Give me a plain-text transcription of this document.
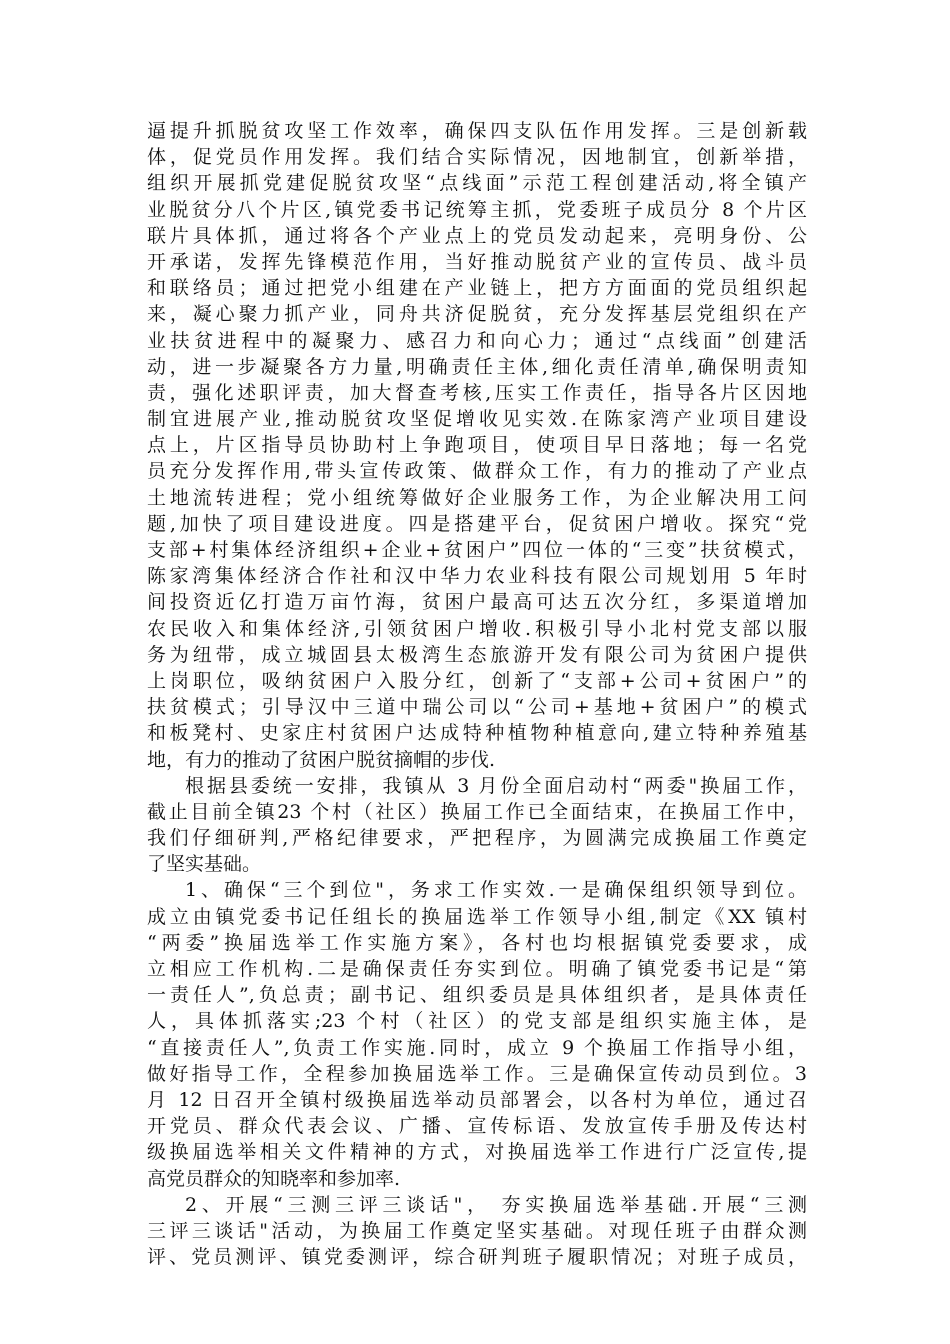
逼提升抓脱贫攻坚工作效率，确保四支队伍作用发挥。三是创新载
体，促党员作用发挥。我们结合实际情况，因地制宜，创新举措，
组织开展抓党建促脱贫攻坚“点线面”示范工程创建活动,将全镇产
业脱贫分八个片区,镇党委书记统筹主抓，党委班子成员分 8 个片区
联片具体抓，通过将各个产业点上的党员发动起来，亮明身份、公
开承诺，发挥先锋模范作用，当好推动脱贫产业的宣传员、战斗员
和联络员；通过把党小组建在产业链上，把方方面面的党员组织起
来，凝心聚力抓产业，同舟共济促脱贫，充分发挥基层党组织在产
业扶贫进程中的凝聚力、感召力和向心力；通过“点线面”创建活
动，进一步凝聚各方力量,明确责任主体,细化责任清单,确保明责知
责，强化述职评责，加大督查考核,压实工作责任，指导各片区因地
制宜进展产业,推动脱贫攻坚促增收见实效.在陈家湾产业项目建设
点上，片区指导员协助村上争跑项目，使项目早日落地；每一名党
员充分发挥作用,带头宣传政策、做群众工作，有力的推动了产业点
土地流转进程；党小组统筹做好企业服务工作，为企业解决用工问
题,加快了项目建设进度。四是搭建平台，促贫困户增收。探究“党
支部+村集体经济组织+企业+贫困户”四位一体的“三变”扶贫模式，
陈家湾集体经济合作社和汉中华力农业科技有限公司规划用 5 年时
间投资近亿打造万亩竹海，贫困户最高可达五次分红，多渠道增加
农民收入和集体经济,引领贫困户增收.积极引导小北村党支部以服
务为纽带，成立城固县太极湾生态旅游开发有限公司为贫困户提供
上岗职位，吸纳贫困户入股分红，创新了“支部+公司+贫困户”的
扶贫模式；引导汉中三道中瑞公司以“公司+基地+贫困户”的模式
和板凳村、史家庄村贫困户达成特种植物种植意向,建立特种养殖基
地，有力的推动了贫困户脱贫摘帽的步伐.
根据县委统一安排，我镇从 3 月份全面启动村“两委"换届工作，
截止目前全镇23 个村（社区）换届工作已全面结束，在换届工作中，
我们仔细研判,严格纪律要求，严把程序，为圆满完成换届工作奠定
了坚实基础。
1、确保“三个到位"，务求工作实效.一是确保组织领导到位。
成立由镇党委书记任组长的换届选举工作领导小组,制定《XX 镇村
“两委”换届选举工作实施方案》，各村也均根据镇党委要求，成
立相应工作机构.二是确保责任夯实到位。明确了镇党委书记是“第
一责任人”,负总责；副书记、组织委员是具体组织者，是具体责任
人，具体抓落实;23 个村（社区）的党支部是组织实施主体，是
“直接责任人”,负责工作实施.同时，成立 9 个换届工作指导小组，
做好指导工作，全程参加换届选举工作。三是确保宣传动员到位。3
月 12 日召开全镇村级换届选举动员部署会，以各村为单位，通过召
开党员、群众代表会议、广播、宣传标语、发放宣传手册及传达村
级换届选举相关文件精神的方式，对换届选举工作进行广泛宣传,提
高党员群众的知晓率和参加率.
2、开展“三测三评三谈话"， 夯实换届选举基础.开展“三测
三评三谈话"活动，为换届工作奠定坚实基础。对现任班子由群众测
评、党员测评、镇党委测评，综合研判班子履职情况；对班子成员，
